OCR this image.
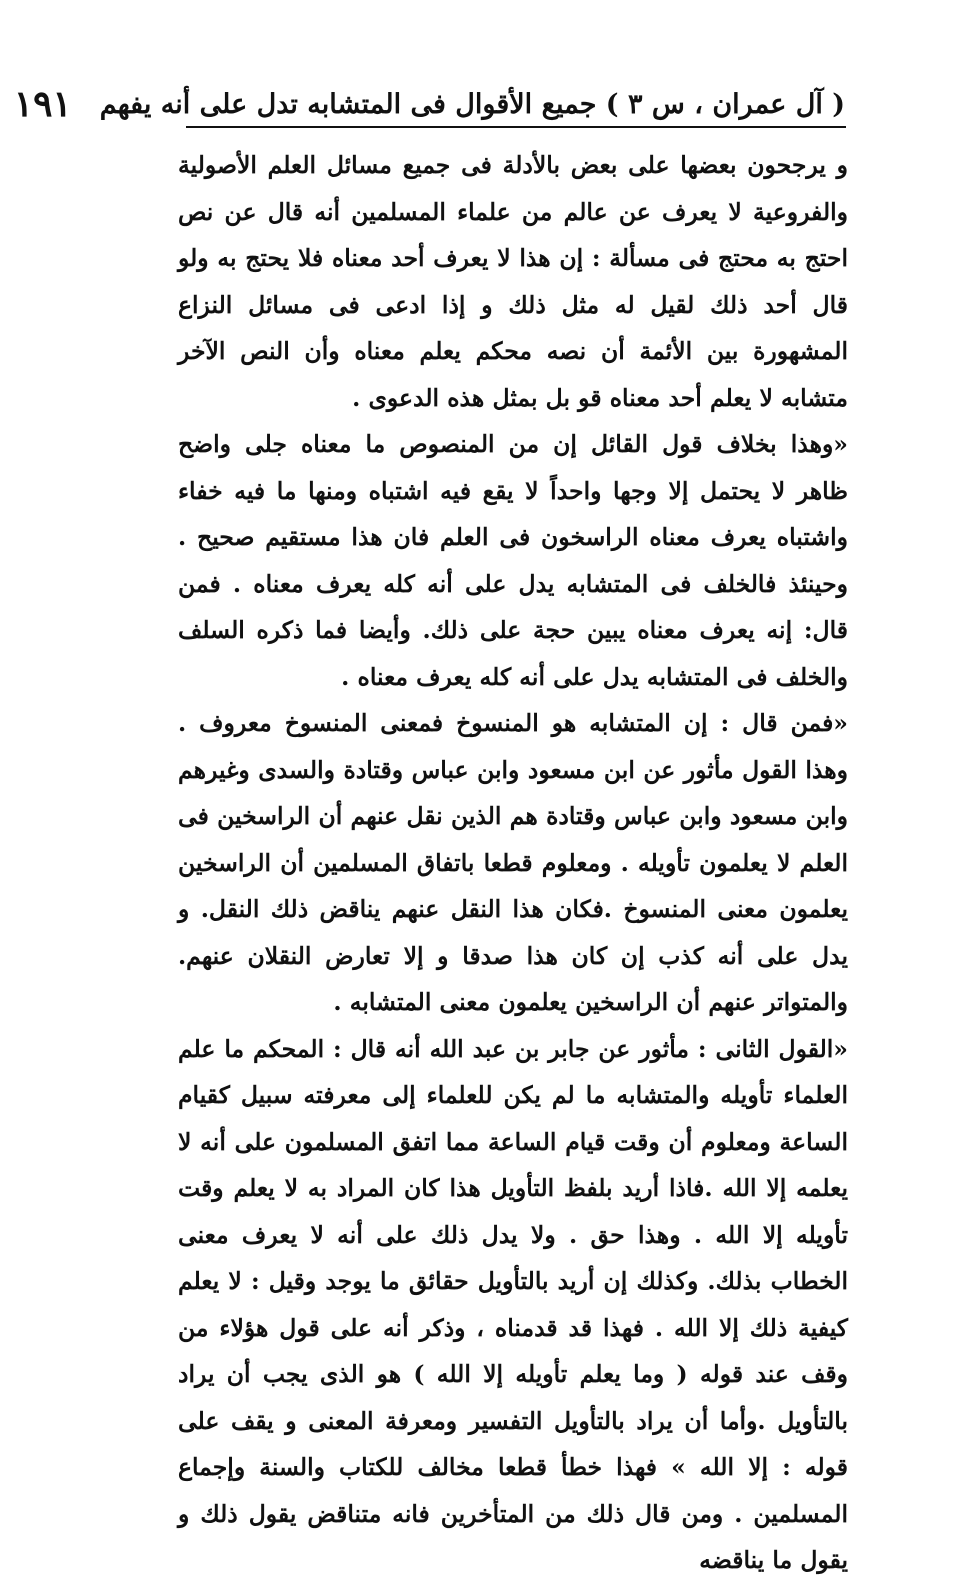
( آل عمران ، س ٣ ) جميع الأقوال فى المتشابه تدل على أنه يفهم
١٩١

و يرجحون بعضها على بعض بالأدلة فى جميع مسائل العلم الأصولية والفروعية لا يعرف عن عالم من علماء المسلمين أنه قال عن نص احتج به محتج فى مسألة : إن هذا لا يعرف أحد معناه فلا يحتج به ولو قال أحد ذلك لقيل له مثل ذلك و إذا ادعى فى مسائل النزاع المشهورة بين الأئمة أن نصه محكم يعلم معناه وأن النص الآخر متشابه لا يعلم أحد معناه قو بل بمثل هذه الدعوى .

«وهذا بخلاف قول القائل إن من المنصوص ما معناه جلى واضح ظاهر لا يحتمل إلا وجها واحداً لا يقع فيه اشتباه ومنها ما فيه خفاء واشتباه يعرف معناه الراسخون فى العلم فان هذا مستقيم صحيح . وحينئذ فالخلف فى المتشابه يدل على أنه كله يعرف معناه . فمن قال: إنه يعرف معناه يبين حجة على ذلك. وأيضا فما ذكره السلف والخلف فى المتشابه يدل على أنه كله يعرف معناه .

«فمن قال : إن المتشابه هو المنسوخ فمعنى المنسوخ معروف . وهذا القول مأثور عن ابن مسعود وابن عباس وقتادة والسدى وغيرهم وابن مسعود وابن عباس وقتادة هم الذين نقل عنهم أن الراسخين فى العلم لا يعلمون تأويله . ومعلوم قطعا باتفاق المسلمين أن الراسخين يعلمون معنى المنسوخ .فكان هذا النقل عنهم يناقض ذلك النقل. و يدل على أنه كذب إن كان هذا صدقا و إلا تعارض النقلان عنهم. والمتواتر عنهم أن الراسخين يعلمون معنى المتشابه .

«القول الثانى : مأثور عن جابر بن عبد الله أنه قال : المحكم ما علم العلماء تأويله والمتشابه ما لم يكن للعلماء إلى معرفته سبيل كقيام الساعة ومعلوم أن وقت قيام الساعة مما اتفق المسلمون على أنه لا يعلمه إلا الله .فاذا أريد بلفظ التأويل هذا كان المراد به لا يعلم وقت تأويله إلا الله . وهذا حق . ولا يدل ذلك على أنه لا يعرف معنى الخطاب بذلك. وكذلك إن أريد بالتأويل حقائق ما يوجد وقيل : لا يعلم كيفية ذلك إلا الله . فهذا قد قدمناه ، وذكر أنه على قول هؤلاء من وقف عند قوله ( وما يعلم تأويله إلا الله ) هو الذى يجب أن يراد بالتأويل .وأما أن يراد بالتأويل التفسير ومعرفة المعنى و يقف على قوله : إلا الله » فهذا خطأ قطعا مخالف للكتاب والسنة وإجماع المسلمين . ومن قال ذلك من المتأخرين فانه متناقض يقول ذلك و يقول ما يناقضه
